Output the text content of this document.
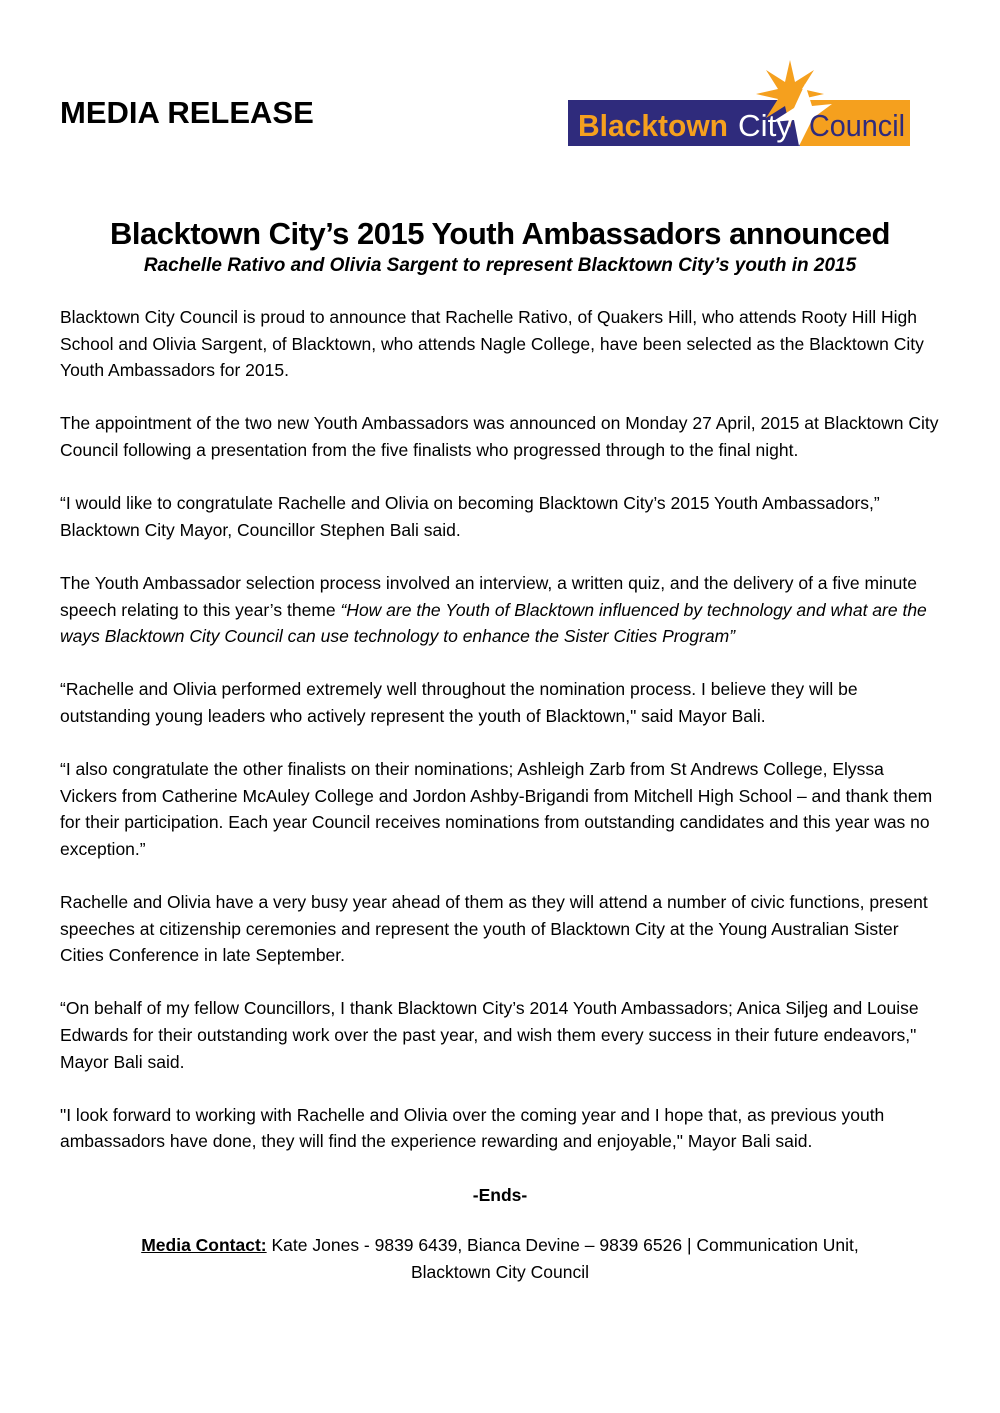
MEDIA RELEASE	Blacktown City Council
Blacktown City’s 2015 Youth Ambassadors announced
Rachelle Rativo and Olivia Sargent to represent Blacktown City’s youth in 2015

Blacktown City Council is proud to announce that Rachelle Rativo, of Quakers Hill, who attends Rooty Hill High School and Olivia Sargent, of Blacktown, who attends Nagle College, have been selected as the Blacktown City Youth Ambassadors for 2015.

The appointment of the two new Youth Ambassadors was announced on Monday 27 April, 2015 at Blacktown City Council following a presentation from the five finalists who progressed through to the final night.

“I would like to congratulate Rachelle and Olivia on becoming Blacktown City’s 2015 Youth Ambassadors,” Blacktown City Mayor, Councillor Stephen Bali said.

The Youth Ambassador selection process involved an interview, a written quiz, and the delivery of a five minute speech relating to this year’s theme “How are the Youth of Blacktown influenced by technology and what are the ways Blacktown City Council can use technology to enhance the Sister Cities Program”

“Rachelle and Olivia performed extremely well throughout the nomination process. I believe they will be outstanding young leaders who actively represent the youth of Blacktown," said Mayor Bali.

“I also congratulate the other finalists on their nominations; Ashleigh Zarb from St Andrews College, Elyssa Vickers from Catherine McAuley College and Jordon Ashby-Brigandi from Mitchell High School – and thank them for their participation. Each year Council receives nominations from outstanding candidates and this year was no exception.”

Rachelle and Olivia have a very busy year ahead of them as they will attend a number of civic functions, present speeches at citizenship ceremonies and represent the youth of Blacktown City at the Young Australian Sister Cities Conference in late September.

“On behalf of my fellow Councillors, I thank Blacktown City’s 2014 Youth Ambassadors; Anica Siljeg and Louise Edwards for their outstanding work over the past year, and wish them every success in their future endeavors," Mayor Bali said.

"I look forward to working with Rachelle and Olivia over the coming year and I hope that, as previous youth ambassadors have done, they will find the experience rewarding and enjoyable," Mayor Bali said.

-Ends-

Media Contact: Kate Jones - 9839 6439, Bianca Devine – 9839 6526 | Communication Unit,
Blacktown City Council
